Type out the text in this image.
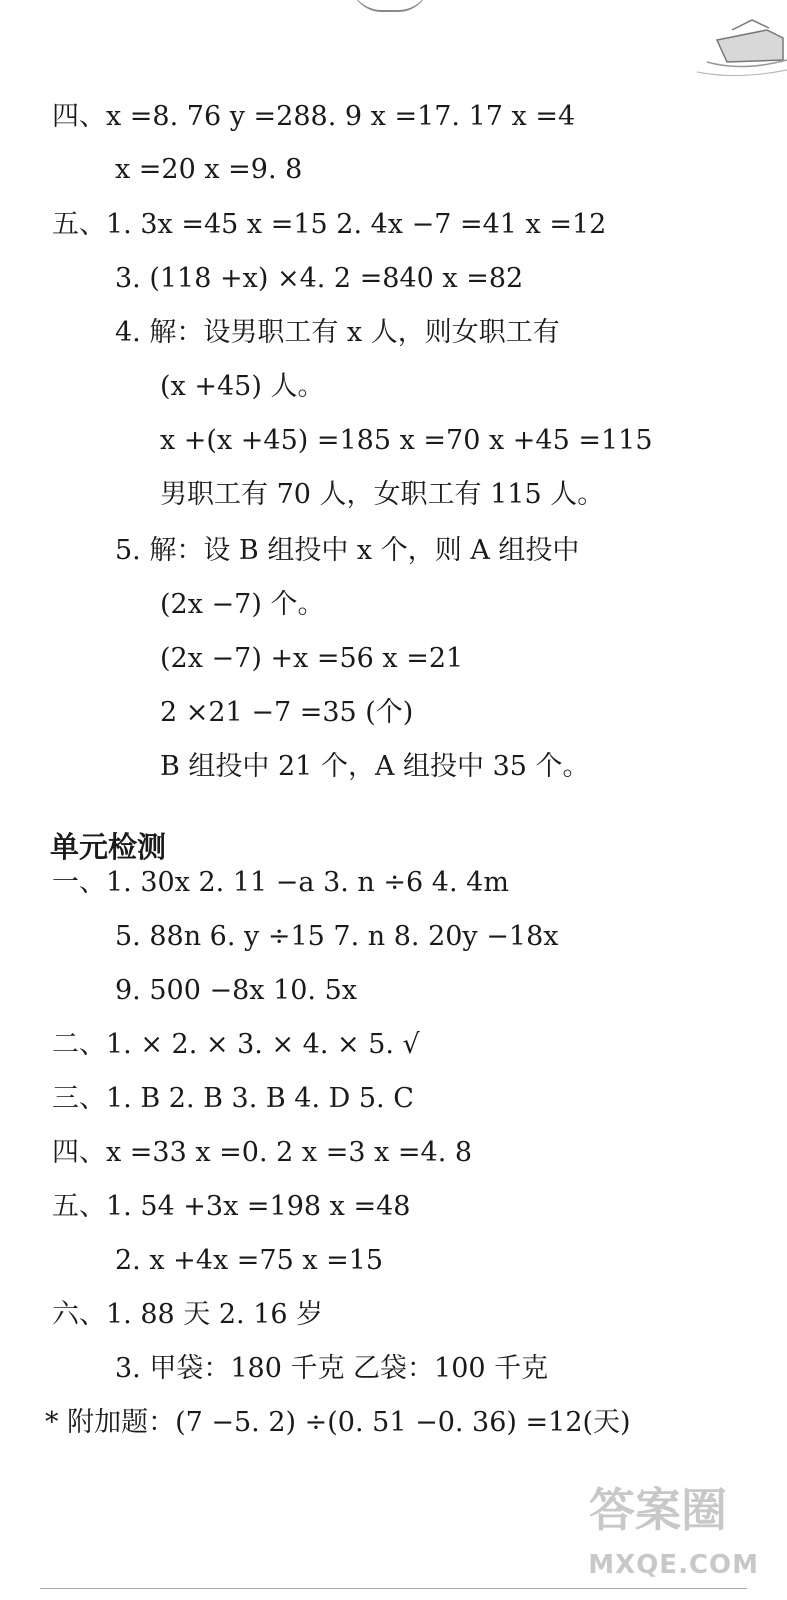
四、x =8. 76 y =288. 9 x =17. 17 x =4
x =20 x =9. 8
五、1. 3x =45 x =15 2. 4x −7 =41 x =12
3. (118 +x) ×4. 2 =840 x =82
4. 解：设男职工有 x 人，则女职工有
(x +45) 人。
x +(x +45) =185 x =70 x +45 =115
男职工有 70 人，女职工有 115 人。
5. 解：设 B 组投中 x 个，则 A 组投中
(2x −7) 个。
(2x −7) +x =56 x =21
2 ×21 −7 =35 (个)
B 组投中 21 个，A 组投中 35 个。
单元检测
一、1. 30x 2. 11 −a 3. n ÷6 4. 4m
5. 88n 6. y ÷15 7. n 8. 20y −18x
9. 500 −8x 10. 5x
二、1. × 2. × 3. × 4. × 5. √
三、1. B 2. B 3. B 4. D 5. C
四、x =33 x =0. 2 x =3 x =4. 8
五、1. 54 +3x =198 x =48
2. x +4x =75 x =15
六、1. 88 天 2. 16 岁
3. 甲袋：180 千克 乙袋：100 千克
* 附加题：(7 −5. 2) ÷(0. 51 −0. 36) =12(天)
答案圈
MXQE.COM
